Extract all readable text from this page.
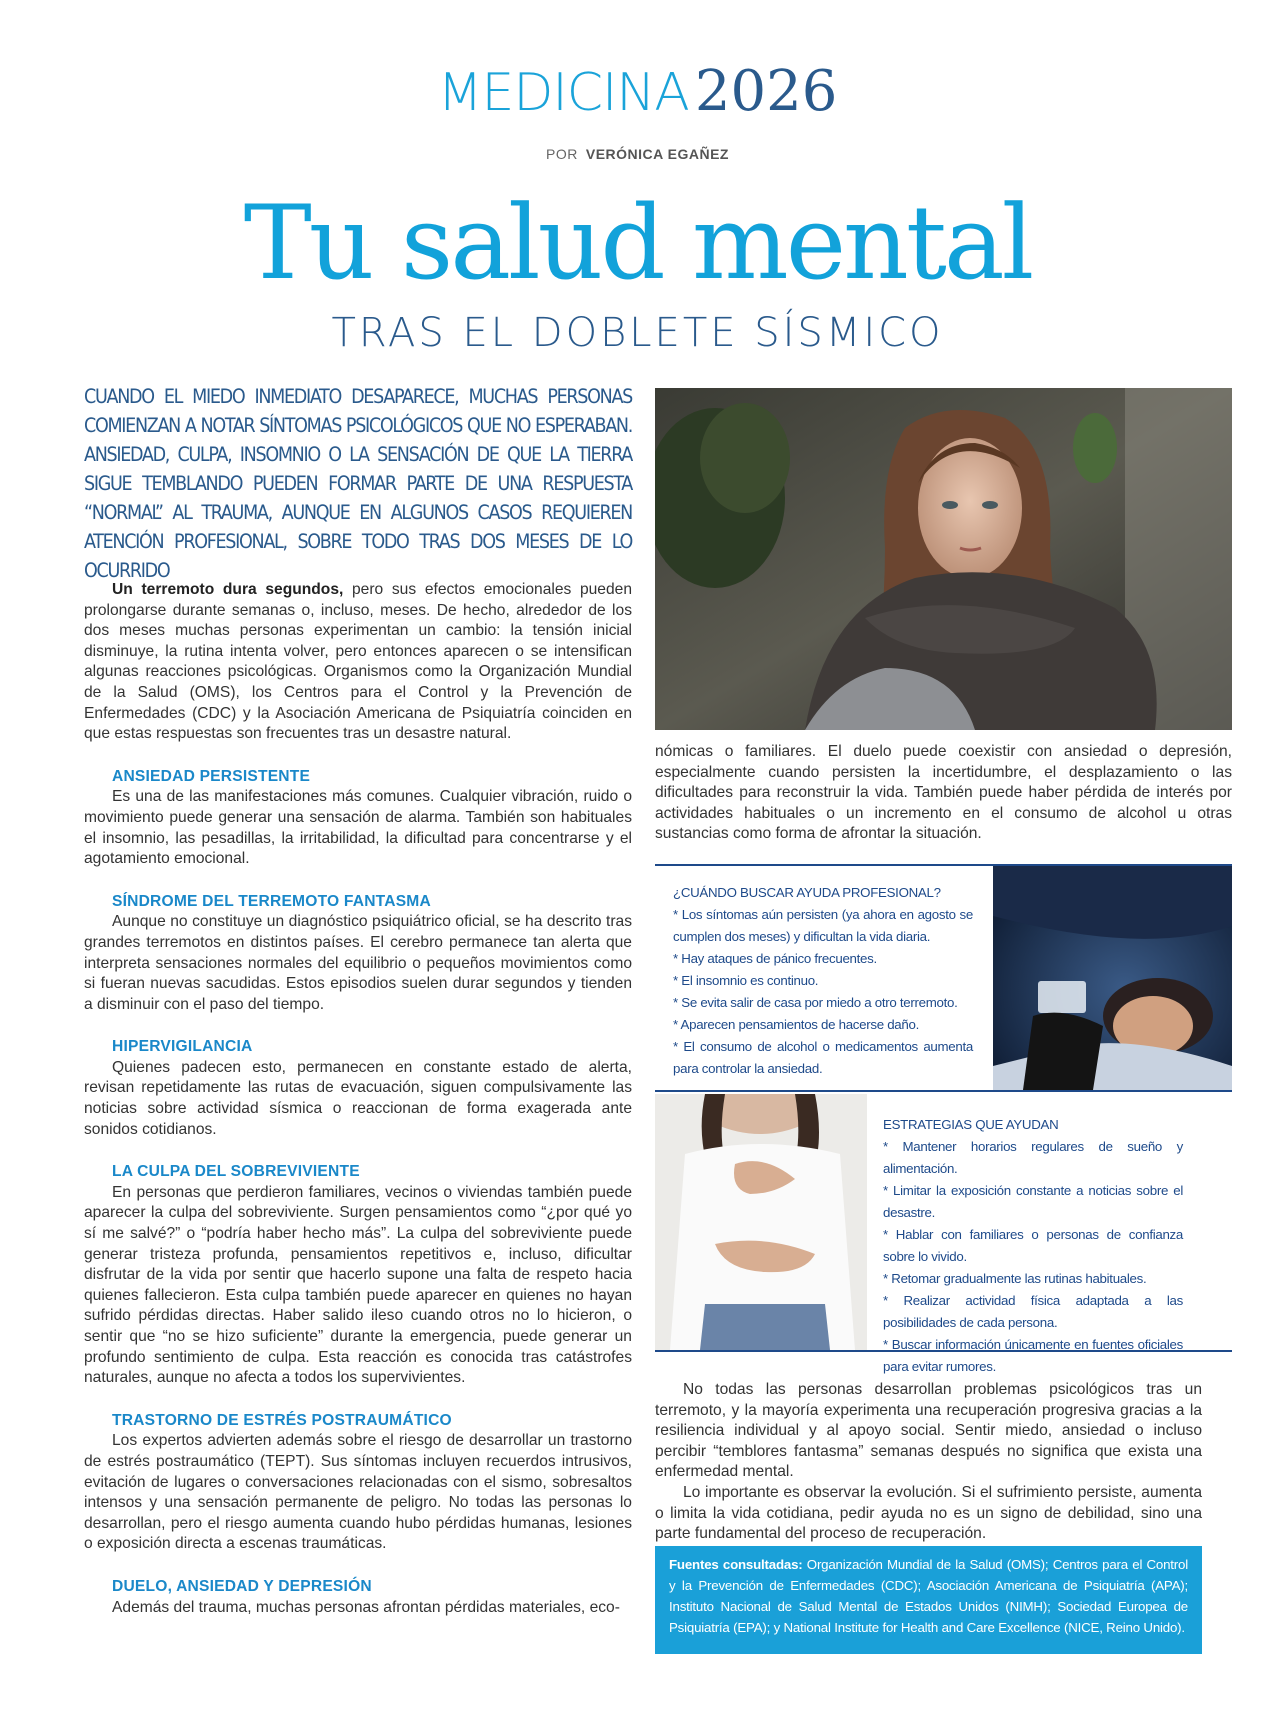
MEDICINA 2026
POR VERÓNICA EGAÑEZ
Tu salud mental
TRAS EL DOBLETE SÍSMICO

CUANDO EL MIEDO INMEDIATO DESAPARECE, MUCHAS PERSONAS COMIENZAN A NOTAR SÍNTOMAS PSICOLÓGICOS QUE NO ESPERABAN. ANSIEDAD, CULPA, INSOMNIO O LA SENSACIÓN DE QUE LA TIERRA SIGUE TEMBLANDO PUEDEN FORMAR PARTE DE UNA RESPUESTA “NORMAL” AL TRAUMA, AUNQUE EN ALGUNOS CASOS REQUIEREN ATENCIÓN PROFESIONAL, SOBRE TODO TRAS DOS MESES DE LO OCURRIDO

Un terremoto dura segundos, pero sus efectos emocionales pueden prolongarse durante semanas o, incluso, meses. De hecho, alrededor de los dos meses muchas personas experimentan un cambio: la tensión inicial disminuye, la rutina intenta volver, pero entonces aparecen o se intensifican algunas reacciones psicológicas. Organismos como la Organización Mundial de la Salud (OMS), los Centros para el Control y la Prevención de Enfermedades (CDC) y la Asociación Americana de Psiquiatría coinciden en que estas respuestas son frecuentes tras un desastre natural.

ANSIEDAD PERSISTENTE

Es una de las manifestaciones más comunes. Cualquier vibración, ruido o movimiento puede generar una sensación de alarma. También son habituales el insomnio, las pesadillas, la irritabilidad, la dificultad para concentrarse y el agotamiento emocional.

SÍNDROME DEL TERREMOTO FANTASMA

Aunque no constituye un diagnóstico psiquiátrico oficial, se ha descrito tras grandes terremotos en distintos países. El cerebro permanece tan alerta que interpreta sensaciones normales del equilibrio o pequeños movimientos como si fueran nuevas sacudidas. Estos episodios suelen durar segundos y tienden a disminuir con el paso del tiempo.

HIPERVIGILANCIA

Quienes padecen esto, permanecen en constante estado de alerta, revisan repetidamente las rutas de evacuación, siguen compulsivamente las noticias sobre actividad sísmica o reaccionan de forma exagerada ante sonidos cotidianos.

LA CULPA DEL SOBREVIVIENTE

En personas que perdieron familiares, vecinos o viviendas también puede aparecer la culpa del sobreviviente. Surgen pensamientos como “¿por qué yo sí me salvé?” o “podría haber hecho más”. La culpa del sobreviviente puede generar tristeza profunda, pensamientos repetitivos e, incluso, dificultar disfrutar de la vida por sentir que hacerlo supone una falta de respeto hacia quienes fallecieron. Esta culpa también puede aparecer en quienes no hayan sufrido pérdidas directas. Haber salido ileso cuando otros no lo hicieron, o sentir que “no se hizo suficiente” durante la emergencia, puede generar un profundo sentimiento de culpa. Esta reacción es conocida tras catástrofes naturales, aunque no afecta a todos los supervivientes.

TRASTORNO DE ESTRÉS POSTRAUMÁTICO

Los expertos advierten además sobre el riesgo de desarrollar un trastorno de estrés postraumático (TEPT). Sus síntomas incluyen recuerdos intrusivos, evitación de lugares o conversaciones relacionadas con el sismo, sobresaltos intensos y una sensación permanente de peligro. No todas las personas lo desarrollan, pero el riesgo aumenta cuando hubo pérdidas humanas, lesiones o exposición directa a escenas traumáticas.

DUELO, ANSIEDAD Y DEPRESIÓN

Además del trauma, muchas personas afrontan pérdidas materiales, eco-

nómicas o familiares. El duelo puede coexistir con ansiedad o depresión, especialmente cuando persisten la incertidumbre, el desplazamiento o las dificultades para reconstruir la vida. También puede haber pérdida de interés por actividades habituales o un incremento en el consumo de alcohol u otras sustancias como forma de afrontar la situación.

¿CUÁNDO BUSCAR AYUDA PROFESIONAL?
* Los síntomas aún persisten (ya ahora en agosto se cumplen dos meses) y dificultan la vida diaria.
* Hay ataques de pánico frecuentes.
* El insomnio es continuo.
* Se evita salir de casa por miedo a otro terremoto.
* Aparecen pensamientos de hacerse daño.
* El consumo de alcohol o medicamentos aumenta para controlar la ansiedad.
ESTRATEGIAS QUE AYUDAN
* Mantener horarios regulares de sueño y alimentación.
* Limitar la exposición constante a noticias sobre el desastre.
* Hablar con familiares o personas de confianza sobre lo vivido.
* Retomar gradualmente las rutinas habituales.
* Realizar actividad física adaptada a las posibilidades de cada persona.
* Buscar información únicamente en fuentes oficiales para evitar rumores.

No todas las personas desarrollan problemas psicológicos tras un terremoto, y la mayoría experimenta una recuperación progresiva gracias a la resiliencia individual y al apoyo social. Sentir miedo, ansiedad o incluso percibir “temblores fantasma” semanas después no significa que exista una enfermedad mental.

Lo importante es observar la evolución. Si el sufrimiento persiste, aumenta o limita la vida cotidiana, pedir ayuda no es un signo de debilidad, sino una parte fundamental del proceso de recuperación.

Fuentes consultadas: Organización Mundial de la Salud (OMS); Centros para el Control y la Prevención de Enfermedades (CDC); Asociación Americana de Psiquiatría (APA); Instituto Nacional de Salud Mental de Estados Unidos (NIMH); Sociedad Europea de Psiquiatría (EPA); y National Institute for Health and Care Excellence (NICE, Reino Unido).
